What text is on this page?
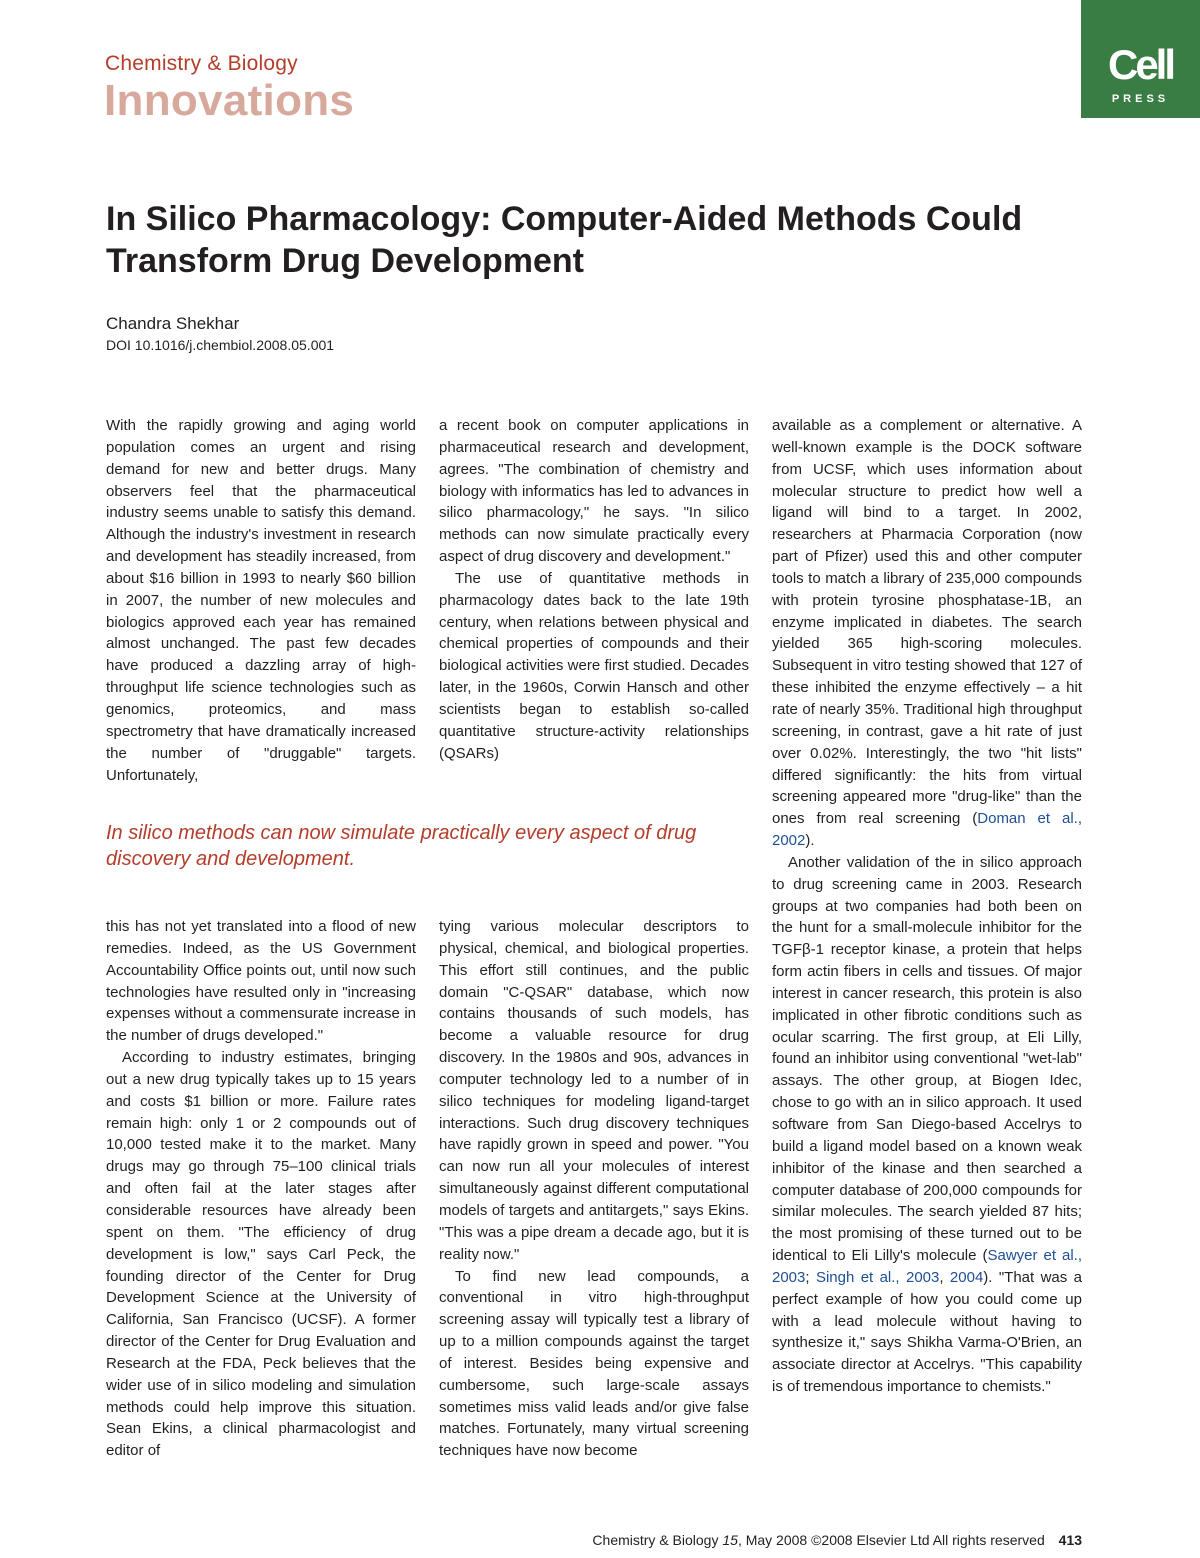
Chemistry & Biology
Innovations
Cell
PRESS
In Silico Pharmacology: Computer-Aided Methods Could Transform Drug Development
Chandra Shekhar
DOI 10.1016/j.chembiol.2008.05.001

With the rapidly growing and aging world population comes an urgent and rising demand for new and better drugs. Many observers feel that the pharmaceutical industry seems unable to satisfy this demand. Although the industry's investment in research and development has steadily increased, from about $16 billion in 1993 to nearly $60 billion in 2007, the number of new molecules and biologics approved each year has remained almost unchanged. The past few decades have produced a dazzling array of high-throughput life science technologies such as genomics, proteomics, and mass spectrometry that have dramatically increased the number of "druggable" targets. Unfortunately,

a recent book on computer applications in pharmaceutical research and development, agrees. "The combination of chemistry and biology with informatics has led to advances in silico pharmacology," he says. "In silico methods can now simulate practically every aspect of drug discovery and development."

The use of quantitative methods in pharmacology dates back to the late 19th century, when relations between physical and chemical properties of compounds and their biological activities were first studied. Decades later, in the 1960s, Corwin Hansch and other scientists began to establish so-called quantitative structure-activity relationships (QSARs)

In silico methods can now simulate practically every aspect of drug discovery and development.

this has not yet translated into a flood of new remedies. Indeed, as the US Government Accountability Office points out, until now such technologies have resulted only in "increasing expenses without a commensurate increase in the number of drugs developed."

According to industry estimates, bringing out a new drug typically takes up to 15 years and costs $1 billion or more. Failure rates remain high: only 1 or 2 compounds out of 10,000 tested make it to the market. Many drugs may go through 75–100 clinical trials and often fail at the later stages after considerable resources have already been spent on them. "The efficiency of drug development is low," says Carl Peck, the founding director of the Center for Drug Development Science at the University of California, San Francisco (UCSF). A former director of the Center for Drug Evaluation and Research at the FDA, Peck believes that the wider use of in silico modeling and simulation methods could help improve this situation. Sean Ekins, a clinical pharmacologist and editor of

tying various molecular descriptors to physical, chemical, and biological properties. This effort still continues, and the public domain "C-QSAR" database, which now contains thousands of such models, has become a valuable resource for drug discovery. In the 1980s and 90s, advances in computer technology led to a number of in silico techniques for modeling ligand-target interactions. Such drug discovery techniques have rapidly grown in speed and power. "You can now run all your molecules of interest simultaneously against different computational models of targets and antitargets," says Ekins. "This was a pipe dream a decade ago, but it is reality now."

To find new lead compounds, a conventional in vitro high-throughput screening assay will typically test a library of up to a million compounds against the target of interest. Besides being expensive and cumbersome, such large-scale assays sometimes miss valid leads and/or give false matches. Fortunately, many virtual screening techniques have now become

available as a complement or alternative. A well-known example is the DOCK software from UCSF, which uses information about molecular structure to predict how well a ligand will bind to a target. In 2002, researchers at Pharmacia Corporation (now part of Pfizer) used this and other computer tools to match a library of 235,000 compounds with protein tyrosine phosphatase-1B, an enzyme implicated in diabetes. The search yielded 365 high-scoring molecules. Subsequent in vitro testing showed that 127 of these inhibited the enzyme effectively – a hit rate of nearly 35%. Traditional high throughput screening, in contrast, gave a hit rate of just over 0.02%. Interestingly, the two "hit lists" differed significantly: the hits from virtual screening appeared more "drug-like" than the ones from real screening (Doman et al., 2002).

Another validation of the in silico approach to drug screening came in 2003. Research groups at two companies had both been on the hunt for a small-molecule inhibitor for the TGFβ-1 receptor kinase, a protein that helps form actin fibers in cells and tissues. Of major interest in cancer research, this protein is also implicated in other fibrotic conditions such as ocular scarring. The first group, at Eli Lilly, found an inhibitor using conventional "wet-lab" assays. The other group, at Biogen Idec, chose to go with an in silico approach. It used software from San Diego-based Accelrys to build a ligand model based on a known weak inhibitor of the kinase and then searched a computer database of 200,000 compounds for similar molecules. The search yielded 87 hits; the most promising of these turned out to be identical to Eli Lilly's molecule (Sawyer et al., 2003; Singh et al., 2003, 2004). "That was a perfect example of how you could come up with a lead molecule without having to synthesize it," says Shikha Varma-O'Brien, an associate director at Accelrys. "This capability is of tremendous importance to chemists."

Chemistry & Biology 15, May 2008 ©2008 Elsevier Ltd All rights reserved 413
